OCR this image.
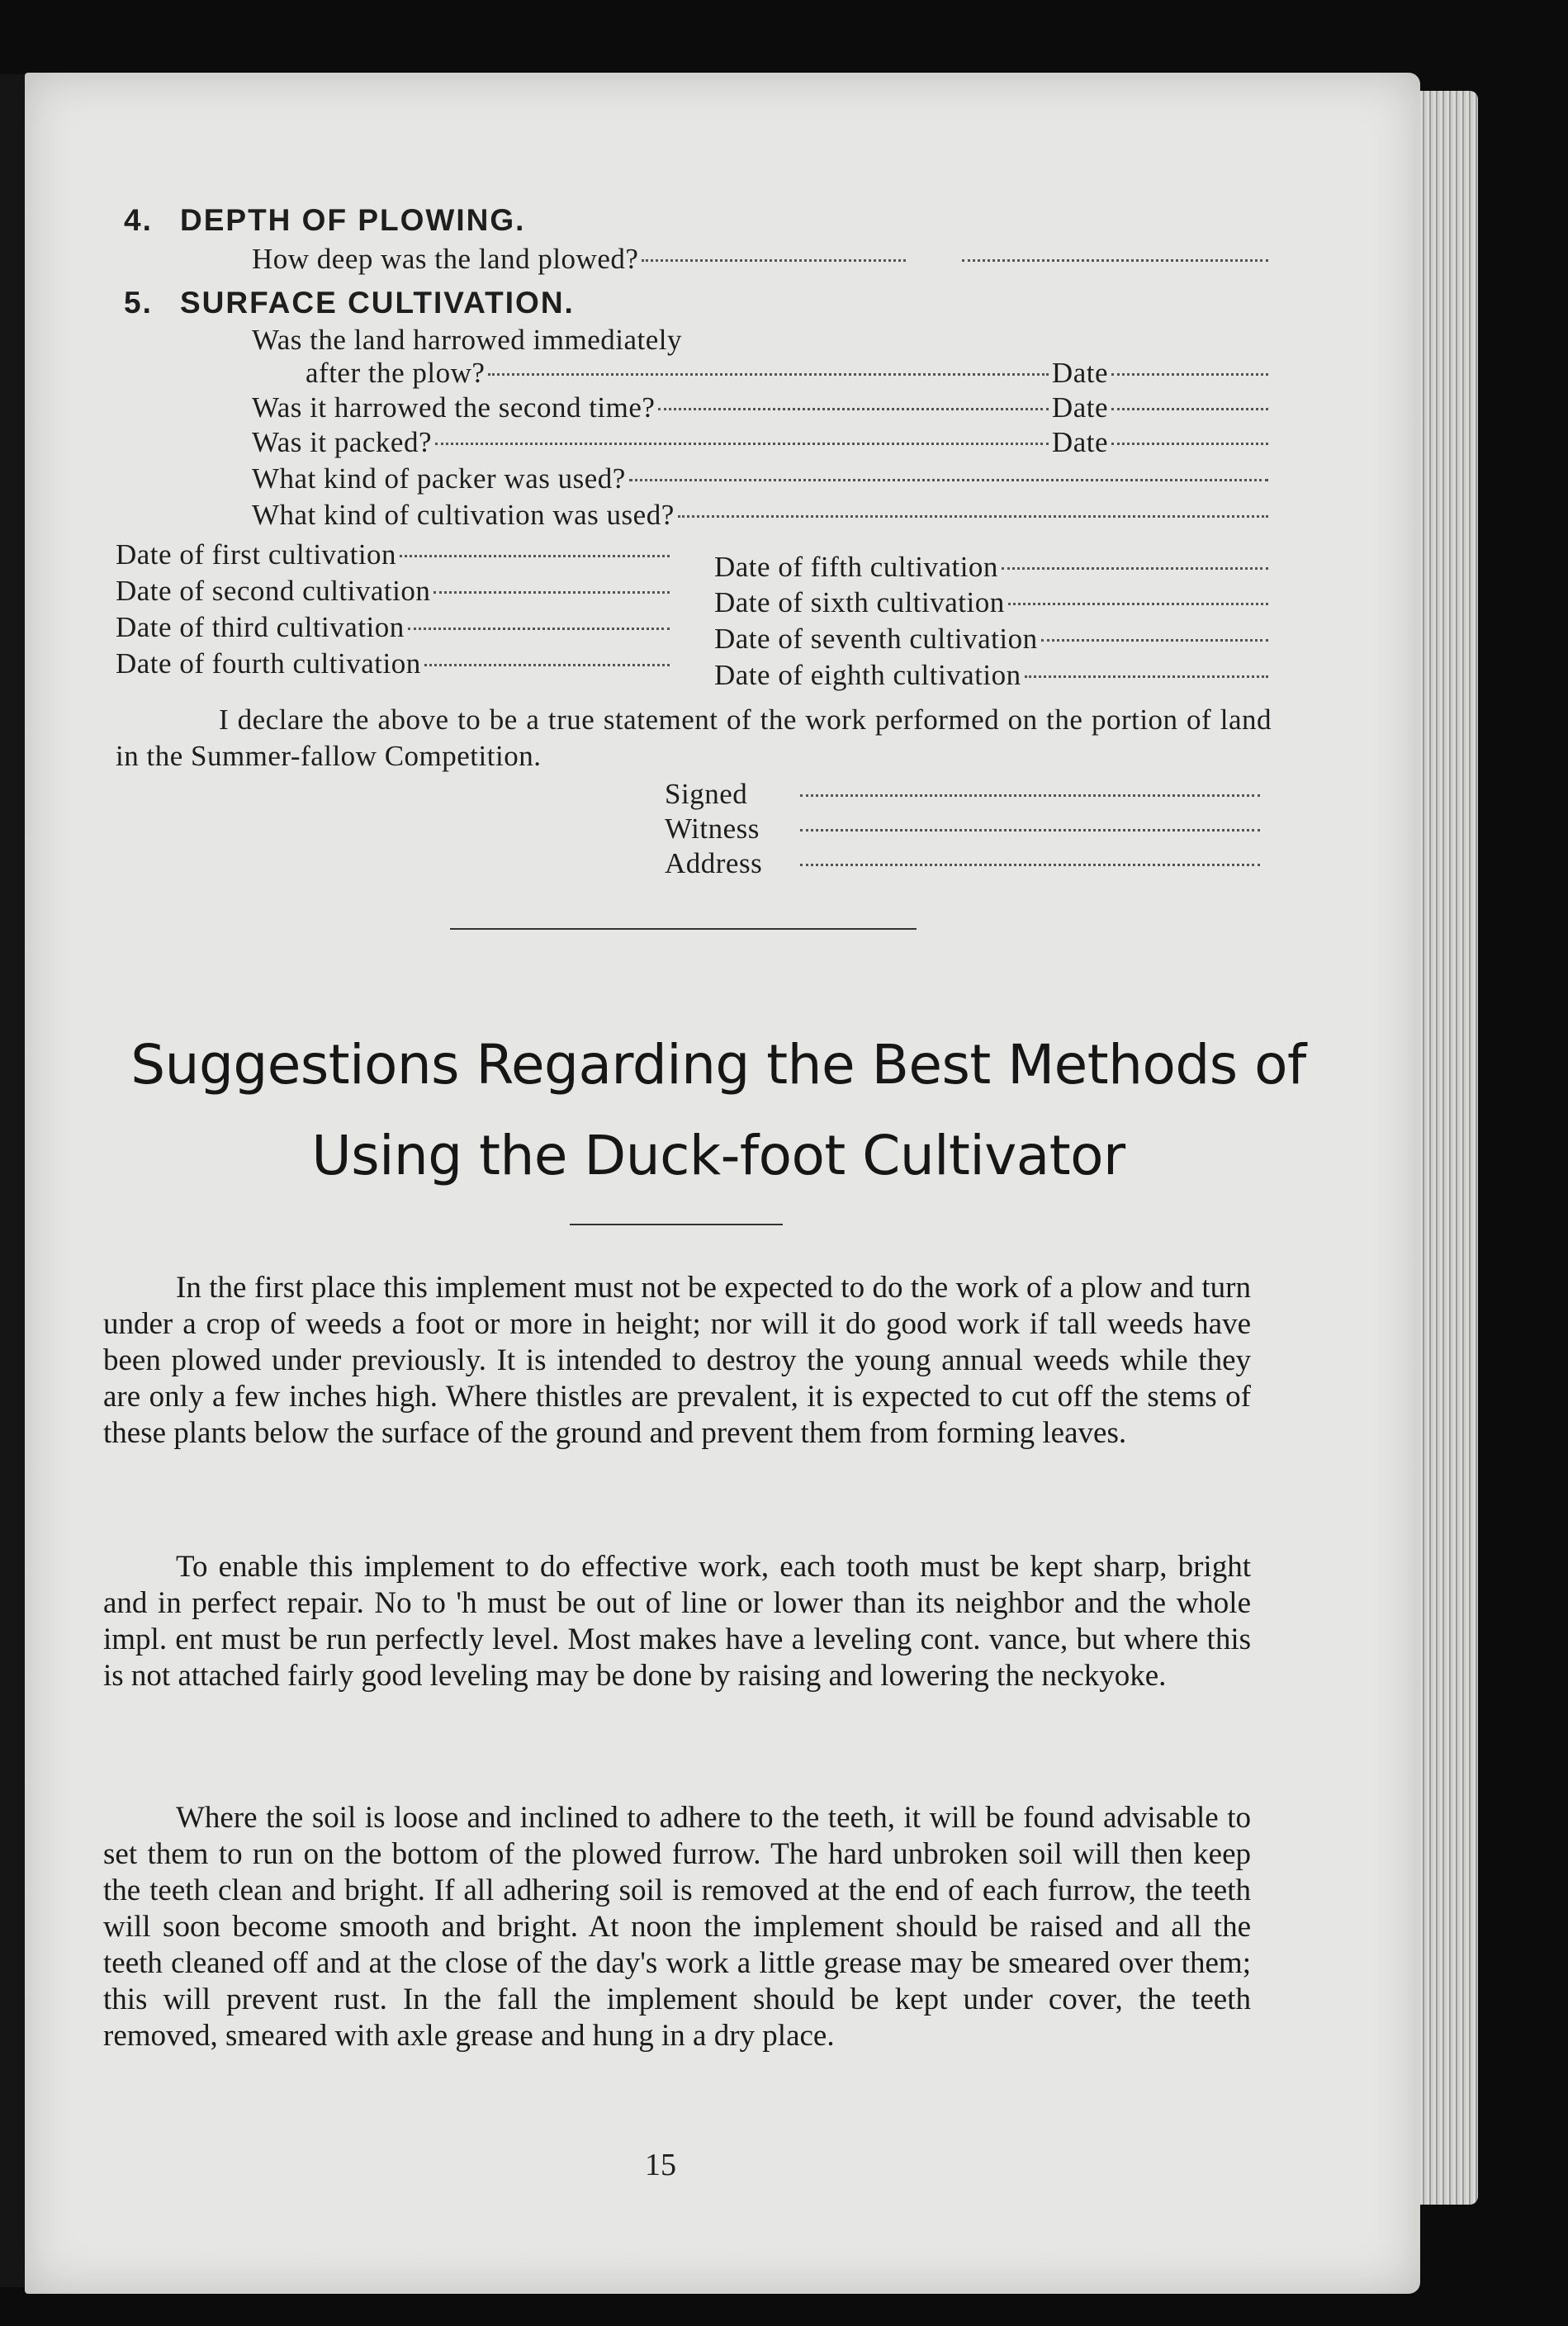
4. DEPTH OF PLOWING.
How deep was the land plowed?
5. SURFACE CULTIVATION.
Was the land harrowed immediately
after the plow?	Date
Was it harrowed the second time?	Date
Was it packed?	Date
What kind of packer was used?
What kind of cultivation was used?
Date of first cultivation
Date of second cultivation
Date of third cultivation
Date of fourth cultivation
Date of fifth cultivation
Date of sixth cultivation
Date of seventh cultivation
Date of eighth cultivation
I declare the above to be a true statement of the work performed on the portion of land in the Summer-fallow Competition.
Signed
Witness
Address
Suggestions Regarding the Best Methods of
Using the Duck-foot Cultivator
In the first place this implement must not be expected to do the work of a plow and turn under a crop of weeds a foot or more in height; nor will it do good work if tall weeds have been plowed under previously. It is intended to destroy the young annual weeds while they are only a few inches high. Where thistles are prevalent, it is expected to cut off the stems of these plants below the surface of the ground and prevent them from forming leaves.
To enable this implement to do effective work, each tooth must be kept sharp, bright and in perfect repair. No to 'h must be out of line or lower than its neighbor and the whole impl. ent must be run perfectly level. Most makes have a leveling cont. vance, but where this is not attached fairly good leveling may be done by raising and lowering the neckyoke.
Where the soil is loose and inclined to adhere to the teeth, it will be found advisable to set them to run on the bottom of the plowed furrow. The hard unbroken soil will then keep the teeth clean and bright. If all adhering soil is removed at the end of each furrow, the teeth will soon become smooth and bright. At noon the implement should be raised and all the teeth cleaned off and at the close of the day's work a little grease may be smeared over them; this will prevent rust. In the fall the implement should be kept under cover, the teeth removed, smeared with axle grease and hung in a dry place.
15
